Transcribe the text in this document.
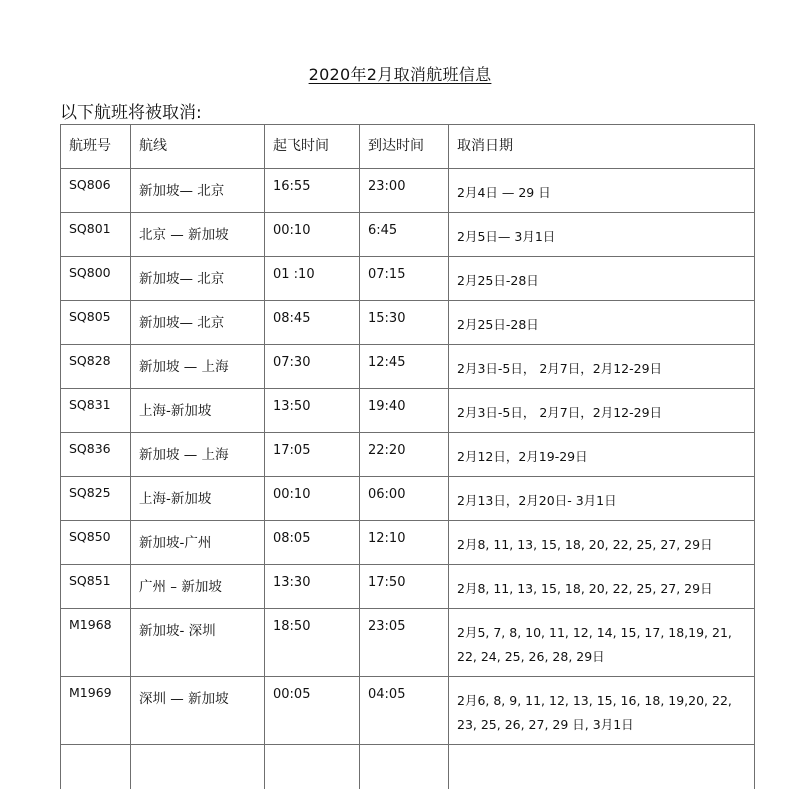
2020年2月取消航班信息
以下航班将被取消:
航班号	航线	起飞时间	到达时间	取消日期
SQ806	新加坡— 北京	16:55	23:00	2月4日 — 29 日
SQ801	北京 — 新加坡	00:10	6:45	2月5日— 3月1日
SQ800	新加坡— 北京	01 :10	07:15	2月25日-28日
SQ805	新加坡— 北京	08:45	15:30	2月25日-28日
SQ828	新加坡 — 上海	07:30	12:45	2月3日-5日， 2月7日，2月12-29日
SQ831	上海-新加坡	13:50	19:40	2月3日-5日， 2月7日，2月12-29日
SQ836	新加坡 — 上海	17:05	22:20	2月12日，2月19-29日
SQ825	上海-新加坡	00:10	06:00	2月13日，2月20日- 3月1日
SQ850	新加坡-广州	08:05	12:10	2月8, 11, 13, 15, 18, 20, 22, 25, 27, 29日
SQ851	广州 – 新加坡	13:30	17:50	2月8, 11, 13, 15, 18, 20, 22, 25, 27, 29日
M1968	新加坡- 深圳	18:50	23:05	2月5, 7, 8, 10, 11, 12, 14, 15, 17, 18,19, 21, 22, 24, 25, 26, 28, 29日
M1969	深圳 — 新加坡	00:05	04:05	2月6, 8, 9, 11, 12, 13, 15, 16, 18, 19,20, 22, 23, 25, 26, 27, 29 日, 3月1日
